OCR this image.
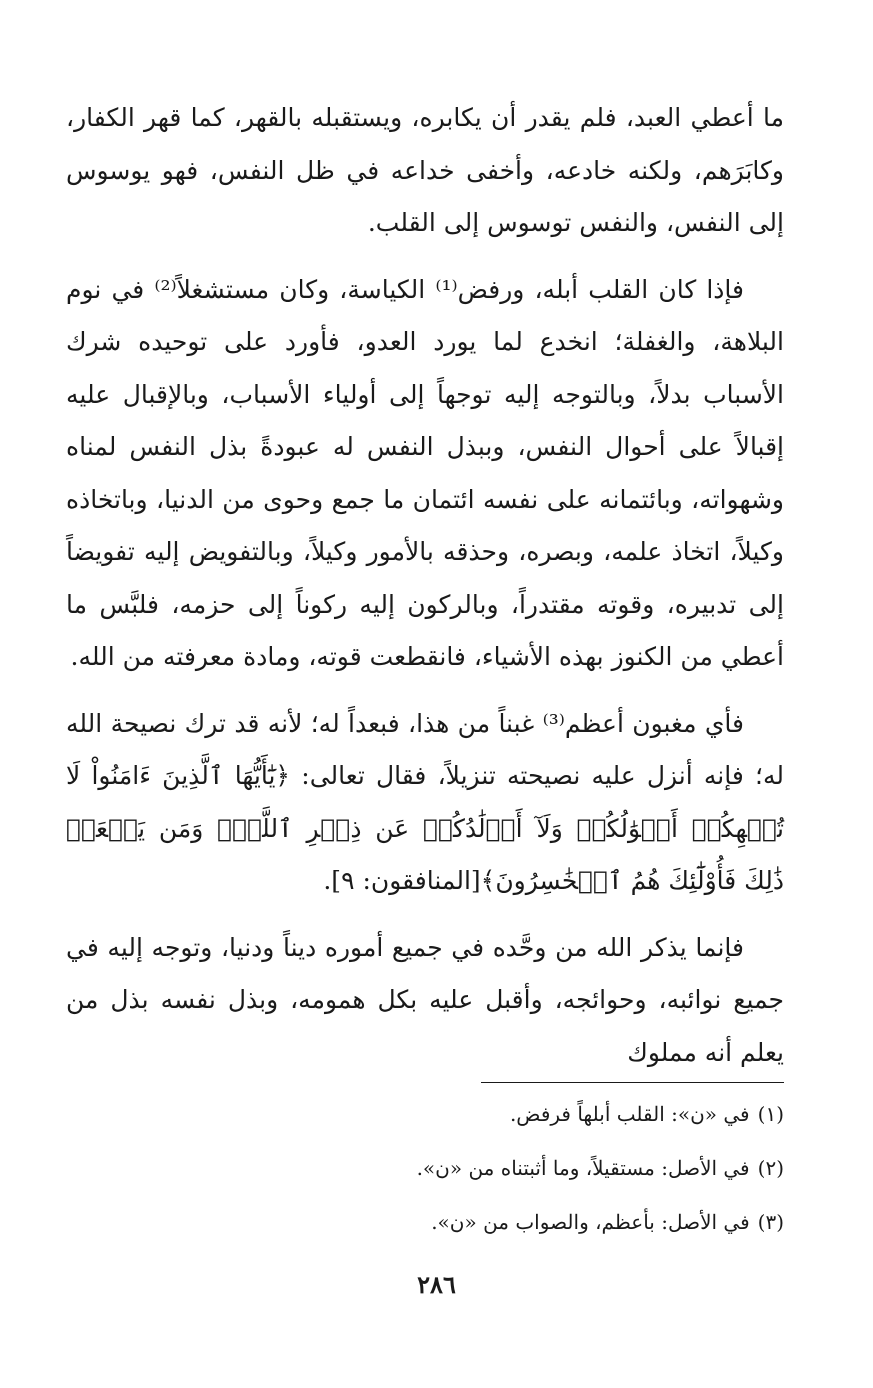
ما أعطي العبد، فلم يقدر أن يكابره، ويستقبله بالقهر، كما قهر الكفار، وكابَرَهم، ولكنه خادعه، وأخفى خداعه في ظل النفس، فهو يوسوس إلى النفس، والنفس توسوس إلى القلب.

فإذا كان القلب أبله، ورفض⁽¹⁾ الكياسة، وكان مستشغلاً⁽²⁾ في نوم البلاهة، والغفلة؛ انخدع لما يورد العدو، فأورد على توحيده شرك الأسباب بدلاً، وبالتوجه إليه توجهاً إلى أولياء الأسباب، وبالإقبال عليه إقبالاً على أحوال النفس، وببذل النفس له عبودةً بذل النفس لمناه وشهواته، وبائتمانه على نفسه ائتمان ما جمع وحوى من الدنيا، وباتخاذه وكيلاً، اتخاذ علمه، وبصره، وحذقه بالأمور وكيلاً، وبالتفويض إليه تفويضاً إلى تدبيره، وقوته مقتدراً، وبالركون إليه ركوناً إلى حزمه، فلبَّس ما أعطي من الكنوز بهذه الأشياء، فانقطعت قوته، ومادة معرفته من الله.

فأي مغبون أعظم⁽³⁾ غبناً من هذا، فبعداً له؛ لأنه قد ترك نصيحة الله له؛ فإنه أنزل عليه نصيحته تنزيلاً، فقال تعالى: ﴿يَٰٓأَيُّهَا ٱلَّذِينَ ءَامَنُواْ لَا تُلۡهِكُمۡ أَمۡوَٰلُكُمۡ وَلَآ أَوۡلَٰدُكُمۡ عَن ذِكۡرِ ٱللَّهِۚ وَمَن يَفۡعَلۡ ذَٰلِكَ فَأُوْلَٰٓئِكَ هُمُ ٱلۡخَٰسِرُونَ﴾[المنافقون: ٩].

فإنما يذكر الله من وحَّده في جميع أموره ديناً ودنيا، وتوجه إليه في جميع نوائبه، وحوائجه، وأقبل عليه بكل همومه، وبذل نفسه بذل من يعلم أنه مملوك

(١)في «ن»: القلب أبلهاً فرفض.

(٢)في الأصل: مستقيلاً، وما أثبتناه من «ن».

(٣)في الأصل: بأعظم، والصواب من «ن».

٢٨٦
